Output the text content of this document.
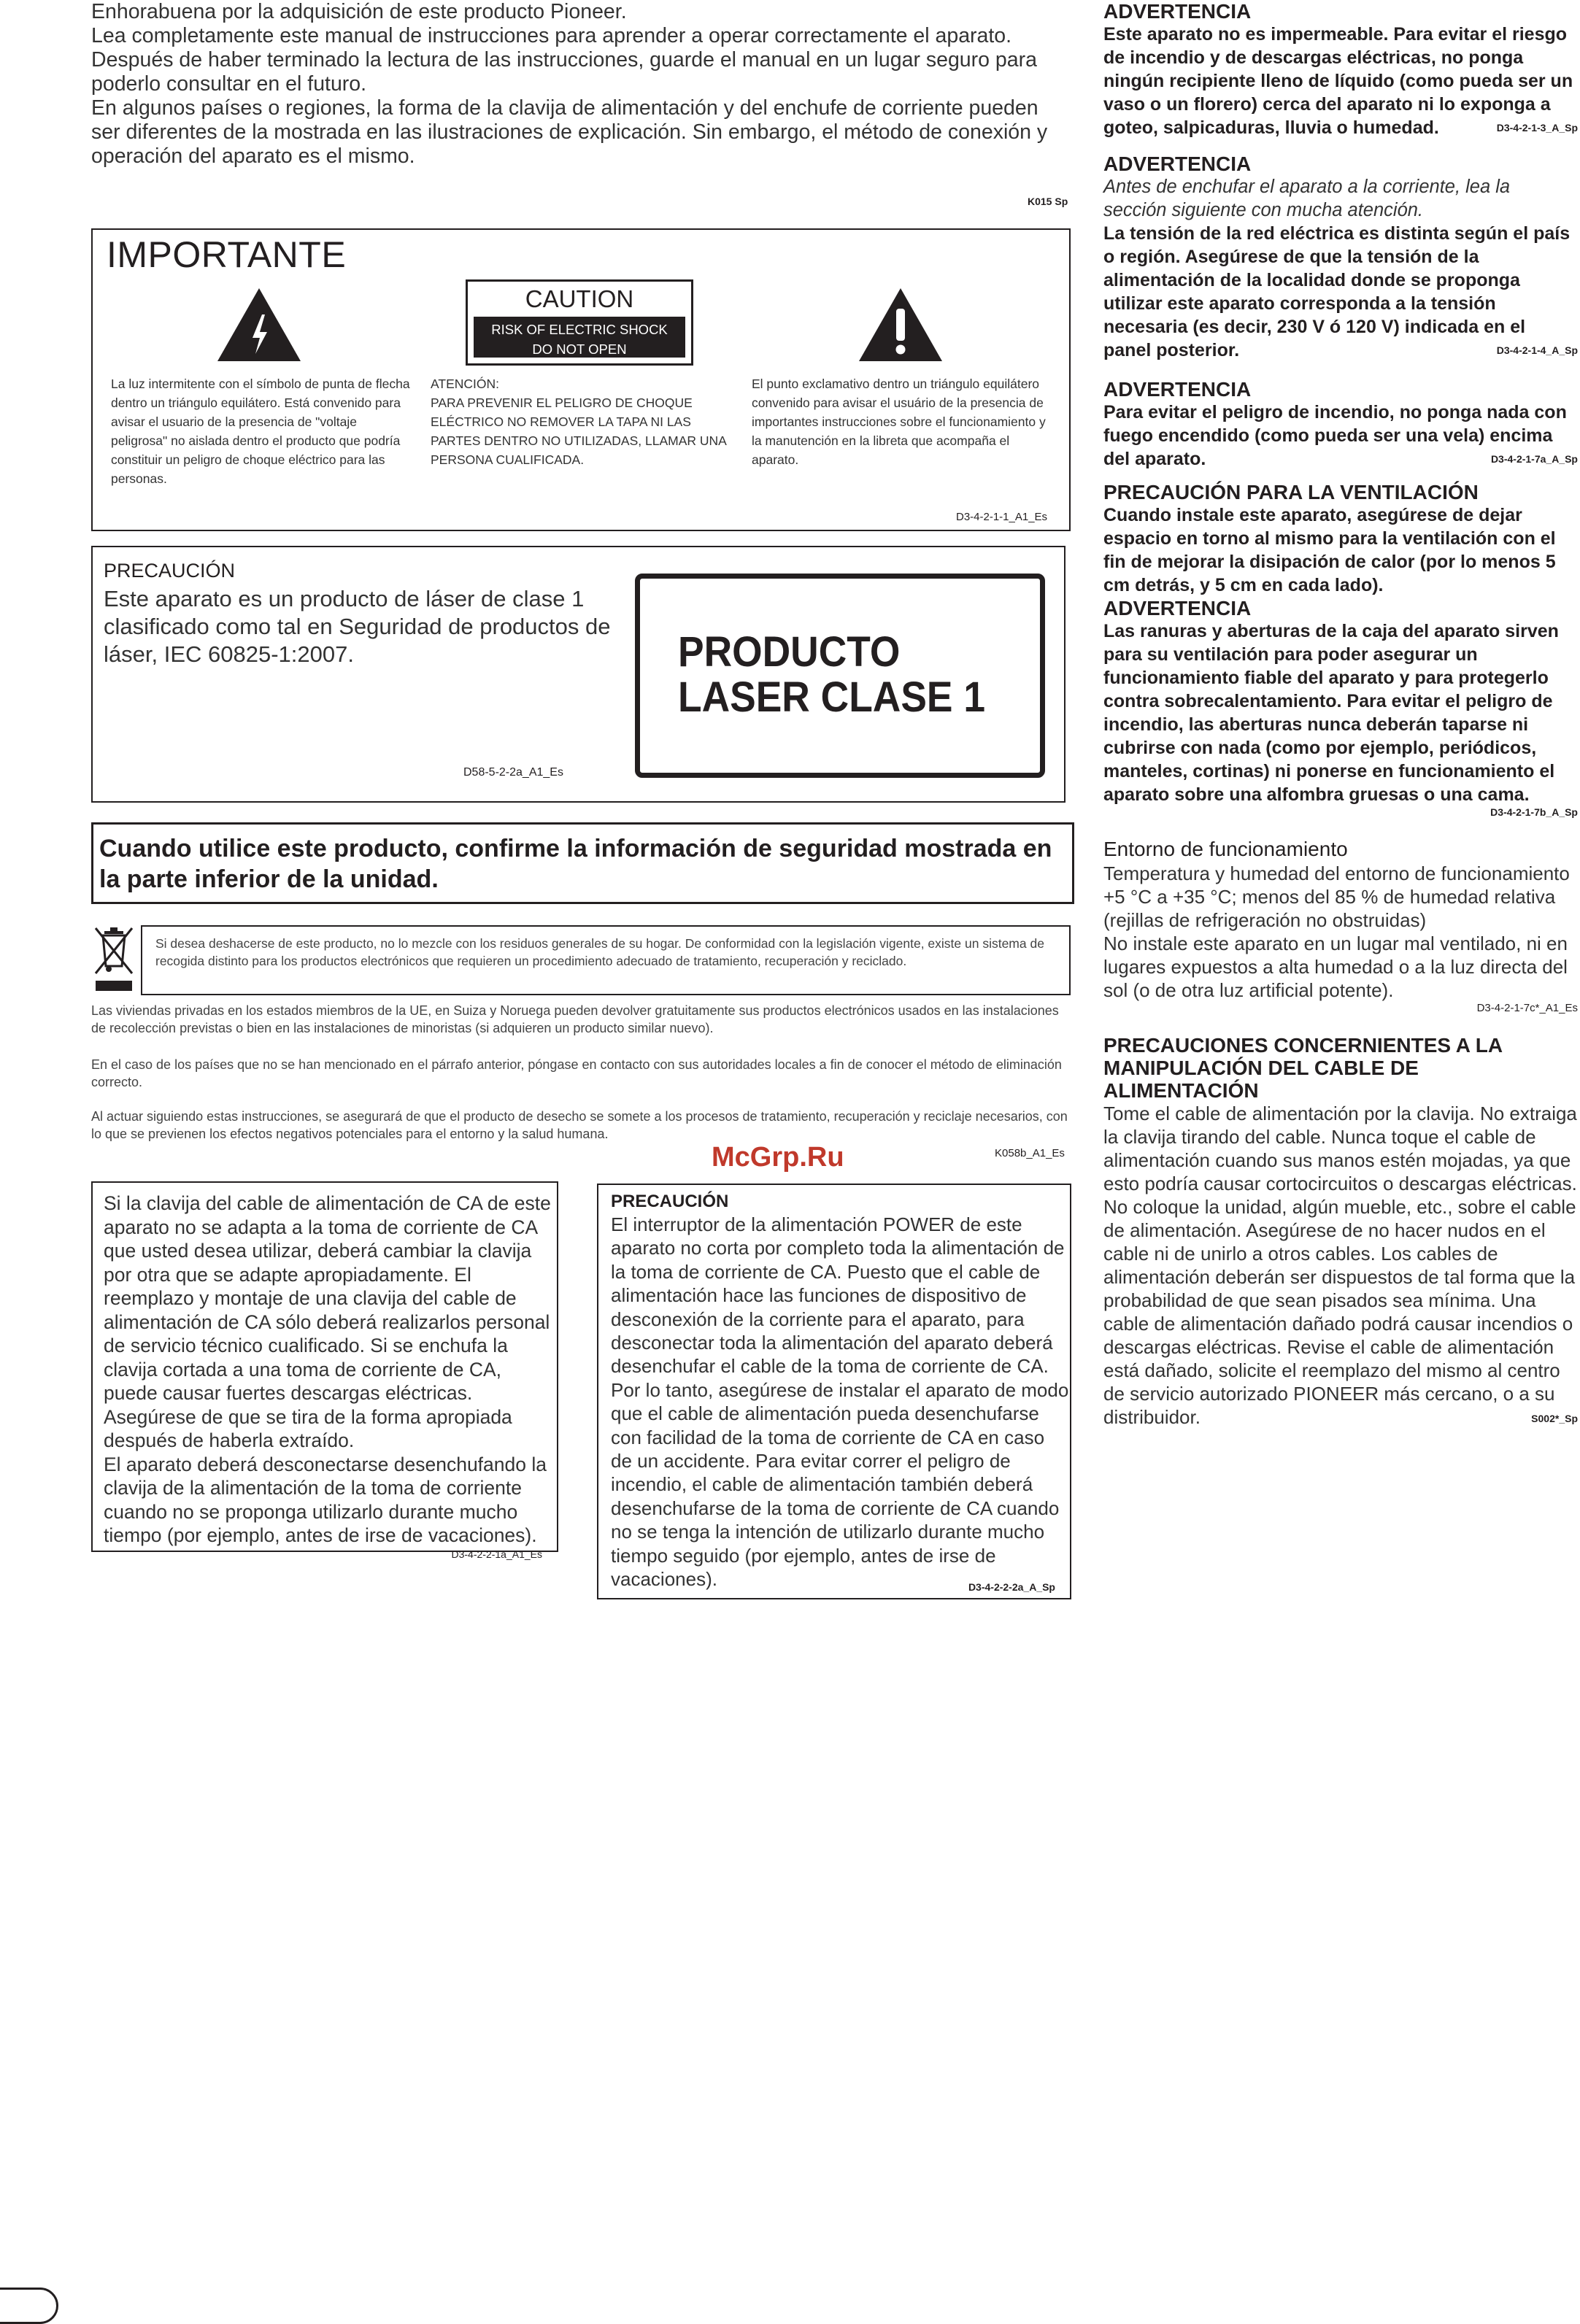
Enhorabuena por la adquisición de este producto Pioneer.

Lea completamente este manual de instrucciones para aprender a operar correctamente el aparato. Después de haber terminado la lectura de las instrucciones, guarde el manual en un lugar seguro para poderlo consultar en el futuro.

En algunos países o regiones, la forma de la clavija de alimentación y del enchufe de corriente pueden ser diferentes de la mostrada en las ilustraciones de explicación. Sin embargo, el método de conexión y operación del aparato es el mismo.

K015 Sp
IMPORTANTE
La luz intermitente con el símbolo de punta de flecha dentro un triángulo equilátero. Está convenido para avisar el usuario de la presencia de "voltaje peligrosa" no aislada dentro el producto que podría constituir un peligro de choque eléctrico para las personas.
CAUTION
RISK OF ELECTRIC SHOCK
DO NOT OPEN
ATENCIÓN:
PARA PREVENIR EL PELIGRO DE CHOQUE ELÉCTRICO NO REMOVER LA TAPA NI LAS PARTES DENTRO NO UTILIZADAS, LLAMAR UNA PERSONA CUALIFICADA.
El punto exclamativo dentro un triángulo equilátero convenido para avisar el usuário de la presencia de importantes instrucciones sobre el funcionamiento y la manutención en la libreta que acompaña el aparato.
D3-4-2-1-1_A1_Es
PRECAUCIÓN
Este aparato es un producto de láser de clase 1 clasificado como tal en Seguridad de productos de láser, IEC 60825-1:2007.
D58-5-2-2a_A1_Es
PRODUCTO
LASER CLASE 1
Cuando utilice este producto, confirme la información de seguridad mostrada en la parte inferior de la unidad.
Si desea deshacerse de este producto, no lo mezcle con los residuos generales de su hogar. De conformidad con la legislación vigente, existe un sistema de recogida distinto para los productos electrónicos que requieren un procedimiento adecuado de tratamiento, recuperación y reciclado.
Las viviendas privadas en los estados miembros de la UE, en Suiza y Noruega pueden devolver gratuitamente sus productos electrónicos usados en las instalaciones de recolección previstas o bien en las instalaciones de minoristas (si adquieren un producto similar nuevo).
En el caso de los países que no se han mencionado en el párrafo anterior, póngase en contacto con sus autoridades locales a fin de conocer el método de eliminación correcto.
Al actuar siguiendo estas instrucciones, se asegurará de que el producto de desecho se somete a los procesos de tratamiento, recuperación y reciclaje necesarios, con lo que se previenen los efectos negativos potenciales para el entorno y la salud humana.
K058b_A1_Es
McGrp.Ru

Si la clavija del cable de alimentación de CA de este aparato no se adapta a la toma de corriente de CA que usted desea utilizar, deberá cambiar la clavija por otra que se adapte apropiadamente. El reemplazo y montaje de una clavija del cable de alimentación de CA sólo deberá realizarlos personal de servicio técnico cualificado. Si se enchufa la clavija cortada a una toma de corriente de CA, puede causar fuertes descargas eléctricas. Asegúrese de que se tira de la forma apropiada después de haberla extraído.

El aparato deberá desconectarse desenchufando la clavija de la alimentación de la toma de corriente cuando no se proponga utilizarlo durante mucho tiempo (por ejemplo, antes de irse de vacaciones).

D3-4-2-2-1a_A1_Es
PRECAUCIÓN
El interruptor de la alimentación POWER de este aparato no corta por completo toda la alimentación de la toma de corriente de CA. Puesto que el cable de alimentación hace las funciones de dispositivo de desconexión de la corriente para el aparato, para desconectar toda la alimentación del aparato deberá desenchufar el cable de la toma de corriente de CA. Por lo tanto, asegúrese de instalar el aparato de modo que el cable de alimentación pueda desenchufarse con facilidad de la toma de corriente de CA en caso de un accidente. Para evitar correr el peligro de incendio, el cable de alimentación también deberá desenchufarse de la toma de corriente de CA cuando no se tenga la intención de utilizarlo durante mucho tiempo seguido (por ejemplo, antes de irse de vacaciones).	D3-4-2-2-2a_A_Sp
ADVERTENCIA
Este aparato no es impermeable. Para evitar el riesgo de incendio y de descargas eléctricas, no ponga ningún recipiente lleno de líquido (como pueda ser un vaso o un florero) cerca del aparato ni lo exponga a goteo, salpicaduras, lluvia o humedad.	D3-4-2-1-3_A_Sp
ADVERTENCIA
Antes de enchufar el aparato a la corriente, lea la sección siguiente con mucha atención.
La tensión de la red eléctrica es distinta según el país o región. Asegúrese de que la tensión de la alimentación de la localidad donde se proponga utilizar este aparato corresponda a la tensión necesaria (es decir, 230 V ó 120 V) indicada en el panel posterior.	D3-4-2-1-4_A_Sp
ADVERTENCIA
Para evitar el peligro de incendio, no ponga nada con fuego encendido (como pueda ser una vela) encima del aparato.	D3-4-2-1-7a_A_Sp
PRECAUCIÓN PARA LA VENTILACIÓN
Cuando instale este aparato, asegúrese de dejar espacio en torno al mismo para la ventilación con el fin de mejorar la disipación de calor (por lo menos 5 cm detrás, y 5 cm en cada lado).
ADVERTENCIA
Las ranuras y aberturas de la caja del aparato sirven para su ventilación para poder asegurar un funcionamiento fiable del aparato y para protegerlo contra sobrecalentamiento. Para evitar el peligro de incendio, las aberturas nunca deberán taparse ni cubrirse con nada (como por ejemplo, periódicos, manteles, cortinas) ni ponerse en funcionamiento el aparato sobre una alfombra gruesas o una cama.
D3-4-2-1-7b_A_Sp
Entorno de funcionamiento
Temperatura y humedad del entorno de funcionamiento +5 °C a +35 °C; menos del 85 % de humedad relativa (rejillas de refrigeración no obstruidas)
No instale este aparato en un lugar mal ventilado, ni en lugares expuestos a alta humedad o a la luz directa del sol (o de otra luz artificial potente).
D3-4-2-1-7c*_A1_Es
PRECAUCIONES CONCERNIENTES A LA MANIPULACIÓN DEL CABLE DE ALIMENTACIÓN
Tome el cable de alimentación por la clavija. No extraiga la clavija tirando del cable. Nunca toque el cable de alimentación cuando sus manos estén mojadas, ya que esto podría causar cortocircuitos o descargas eléctricas. No coloque la unidad, algún mueble, etc., sobre el cable de alimentación. Asegúrese de no hacer nudos en el cable ni de unirlo a otros cables. Los cables de alimentación deberán ser dispuestos de tal forma que la probabilidad de que sean pisados sea mínima. Una cable de alimentación dañado podrá causar incendios o descargas eléctricas. Revise el cable de alimentación está dañado, solicite el reemplazo del mismo al centro de servicio autorizado PIONEER más cercano, o a su distribuidor.	S002*_Sp
